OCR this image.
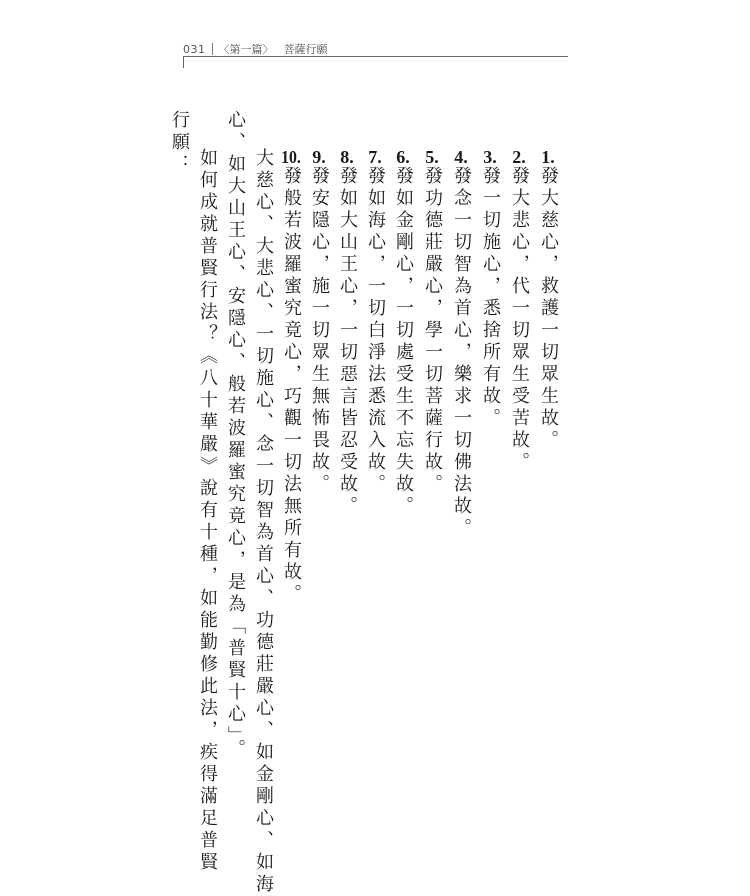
031 〈第一篇〉 菩薩行願
1.發大慈心，救護一切眾生故。
2.發大悲心，代一切眾生受苦故。
3.發一切施心，悉捨所有故。
4.發念一切智為首心，樂求一切佛法故。
5.發功德莊嚴心，學一切菩薩行故。
6.發如金剛心，一切處受生不忘失故。
7.發如海心，一切白淨法悉流入故。
8.發如大山王心，一切惡言皆忍受故。
9.發安隱心，施一切眾生無怖畏故。
10.發般若波羅蜜究竟心，巧觀一切法無所有故。
大慈心、大悲心、一切施心、念一切智為首心、功德莊嚴心、如金剛心、如海
心、如大山王心、安隱心、般若波羅蜜究竟心，是為「普賢十心」。
如何成就普賢行法？《八十華嚴》說有十種，如能勤修此法，疾得滿足普賢
行願：
